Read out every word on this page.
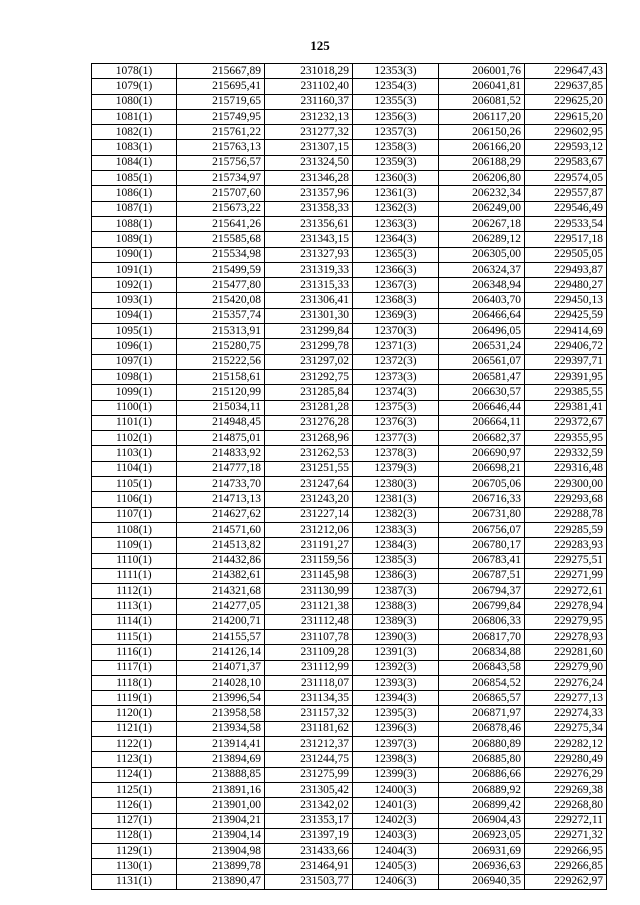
125
1078(1)	215667,89	231018,29	12353(3)	206001,76	229647,43
1079(1)	215695,41	231102,40	12354(3)	206041,81	229637,85
1080(1)	215719,65	231160,37	12355(3)	206081,52	229625,20
1081(1)	215749,95	231232,13	12356(3)	206117,20	229615,20
1082(1)	215761,22	231277,32	12357(3)	206150,26	229602,95
1083(1)	215763,13	231307,15	12358(3)	206166,20	229593,12
1084(1)	215756,57	231324,50	12359(3)	206188,29	229583,67
1085(1)	215734,97	231346,28	12360(3)	206206,80	229574,05
1086(1)	215707,60	231357,96	12361(3)	206232,34	229557,87
1087(1)	215673,22	231358,33	12362(3)	206249,00	229546,49
1088(1)	215641,26	231356,61	12363(3)	206267,18	229533,54
1089(1)	215585,68	231343,15	12364(3)	206289,12	229517,18
1090(1)	215534,98	231327,93	12365(3)	206305,00	229505,05
1091(1)	215499,59	231319,33	12366(3)	206324,37	229493,87
1092(1)	215477,80	231315,33	12367(3)	206348,94	229480,27
1093(1)	215420,08	231306,41	12368(3)	206403,70	229450,13
1094(1)	215357,74	231301,30	12369(3)	206466,64	229425,59
1095(1)	215313,91	231299,84	12370(3)	206496,05	229414,69
1096(1)	215280,75	231299,78	12371(3)	206531,24	229406,72
1097(1)	215222,56	231297,02	12372(3)	206561,07	229397,71
1098(1)	215158,61	231292,75	12373(3)	206581,47	229391,95
1099(1)	215120,99	231285,84	12374(3)	206630,57	229385,55
1100(1)	215034,11	231281,28	12375(3)	206646,44	229381,41
1101(1)	214948,45	231276,28	12376(3)	206664,11	229372,67
1102(1)	214875,01	231268,96	12377(3)	206682,37	229355,95
1103(1)	214833,92	231262,53	12378(3)	206690,97	229332,59
1104(1)	214777,18	231251,55	12379(3)	206698,21	229316,48
1105(1)	214733,70	231247,64	12380(3)	206705,06	229300,00
1106(1)	214713,13	231243,20	12381(3)	206716,33	229293,68
1107(1)	214627,62	231227,14	12382(3)	206731,80	229288,78
1108(1)	214571,60	231212,06	12383(3)	206756,07	229285,59
1109(1)	214513,82	231191,27	12384(3)	206780,17	229283,93
1110(1)	214432,86	231159,56	12385(3)	206783,41	229275,51
1111(1)	214382,61	231145,98	12386(3)	206787,51	229271,99
1112(1)	214321,68	231130,99	12387(3)	206794,37	229272,61
1113(1)	214277,05	231121,38	12388(3)	206799,84	229278,94
1114(1)	214200,71	231112,48	12389(3)	206806,33	229279,95
1115(1)	214155,57	231107,78	12390(3)	206817,70	229278,93
1116(1)	214126,14	231109,28	12391(3)	206834,88	229281,60
1117(1)	214071,37	231112,99	12392(3)	206843,58	229279,90
1118(1)	214028,10	231118,07	12393(3)	206854,52	229276,24
1119(1)	213996,54	231134,35	12394(3)	206865,57	229277,13
1120(1)	213958,58	231157,32	12395(3)	206871,97	229274,33
1121(1)	213934,58	231181,62	12396(3)	206878,46	229275,34
1122(1)	213914,41	231212,37	12397(3)	206880,89	229282,12
1123(1)	213894,69	231244,75	12398(3)	206885,80	229280,49
1124(1)	213888,85	231275,99	12399(3)	206886,66	229276,29
1125(1)	213891,16	231305,42	12400(3)	206889,92	229269,38
1126(1)	213901,00	231342,02	12401(3)	206899,42	229268,80
1127(1)	213904,21	231353,17	12402(3)	206904,43	229272,11
1128(1)	213904,14	231397,19	12403(3)	206923,05	229271,32
1129(1)	213904,98	231433,66	12404(3)	206931,69	229266,95
1130(1)	213899,78	231464,91	12405(3)	206936,63	229266,85
1131(1)	213890,47	231503,77	12406(3)	206940,35	229262,97
